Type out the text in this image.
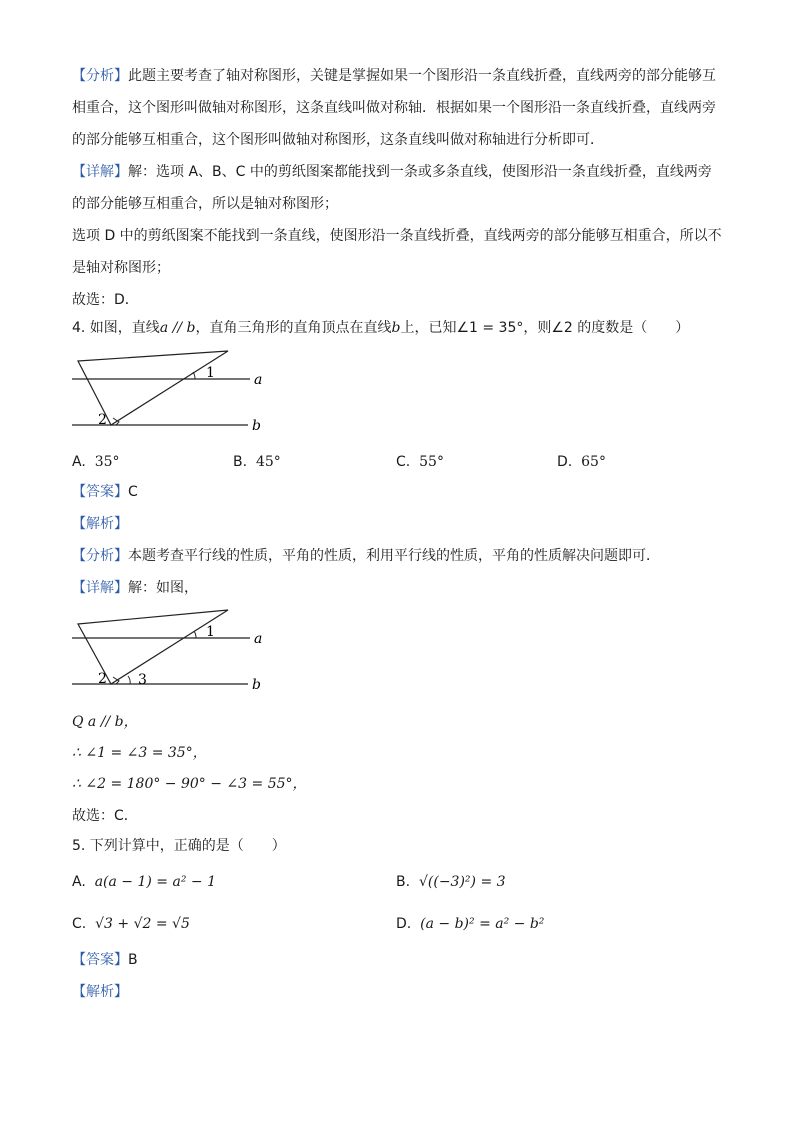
【分析】此题主要考查了轴对称图形，关键是掌握如果一个图形沿一条直线折叠，直线两旁的部分能够互
相重合，这个图形叫做轴对称图形，这条直线叫做对称轴．根据如果一个图形沿一条直线折叠，直线两旁
的部分能够互相重合，这个图形叫做轴对称图形，这条直线叫做对称轴进行分析即可．
【详解】解：选项 A、B、C 中的剪纸图案都能找到一条或多条直线，使图形沿一条直线折叠，直线两旁
的部分能够互相重合，所以是轴对称图形；
选项 D 中的剪纸图案不能找到一条直线，使图形沿一条直线折叠，直线两旁的部分能够互相重合，所以不
是轴对称图形；
故选：D．
4. 如图，直线a // b，直角三角形的直角顶点在直线b上，已知∠1 = 35°，则∠2 的度数是（　　）
1
2
a
b
A. 35°	B. 45°	C. 55°	D. 65°
【答案】C
【解析】
【分析】本题考查平行线的性质，平角的性质，利用平行线的性质，平角的性质解决问题即可．
【详解】解：如图，
1
2 3
a
b
Q a // b，
∴ ∠1 = ∠3 = 35°，
∴ ∠2 = 180° − 90° − ∠3 = 55°，
故选：C．
5. 下列计算中，正确的是（　　）
A. a(a − 1) = a² − 1	B. √((−3)²) = 3
C. √3 + √2 = √5	D. (a − b)² = a² − b²
【答案】B
【解析】
